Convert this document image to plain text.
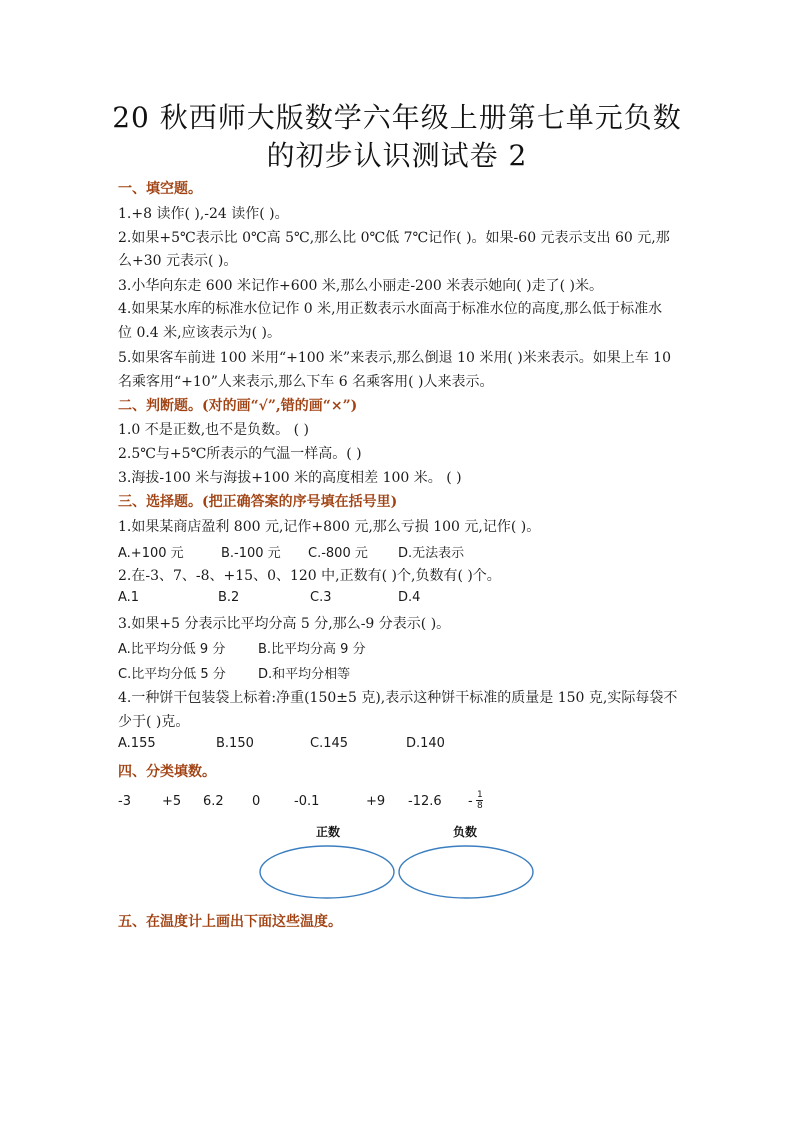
20 秋西师大版数学六年级上册第七单元负数
的初步认识测试卷 2
一、填空题。
1.+8 读作( ),-24 读作( )。
2.如果+5℃表示比 0℃高 5℃,那么比 0℃低 7℃记作( )。如果-60 元表示支出 60 元,那
么+30 元表示( )。
3.小华向东走 600 米记作+600 米,那么小丽走-200 米表示她向( )走了( )米。
4.如果某水库的标准水位记作 0 米,用正数表示水面高于标准水位的高度,那么低于标准水
位 0.4 米,应该表示为( )。
5.如果客车前进 100 米用“+100 米”来表示,那么倒退 10 米用( )米来表示。如果上车 10
名乘客用“+10”人来表示,那么下车 6 名乘客用( )人来表示。
二、判断题。(对的画“√”,错的画“×”)
1.0 不是正数,也不是负数。 ( )
2.5℃与+5℃所表示的气温一样高。( )
3.海拔-100 米与海拔+100 米的高度相差 100 米。 ( )
三、选择题。(把正确答案的序号填在括号里)
1.如果某商店盈利 800 元,记作+800 元,那么亏损 100 元,记作( )。
A.+100 元	B.-100 元 C.-800 元 D.无法表示
2.在-3、7、-8、+15、0、120 中,正数有( )个,负数有( )个。
A.1	B.2	C.3	D.4
3.如果+5 分表示比平均分高 5 分,那么-9 分表示( )。
A.比平均分低 9 分	B.比平均分高 9 分
C.比平均分低 5 分 D.和平均分相等
4.一种饼干包装袋上标着:净重(150±5 克),表示这种饼干标准的质量是 150 克,实际每袋不
少于( )克。
A.155	B.150	C.145	D.140
四、分类填数。
-3 +5 6.2 0	-0.1	+9 -12.6 - 1
8
正数	负数
五、在温度计上画出下面这些温度。
